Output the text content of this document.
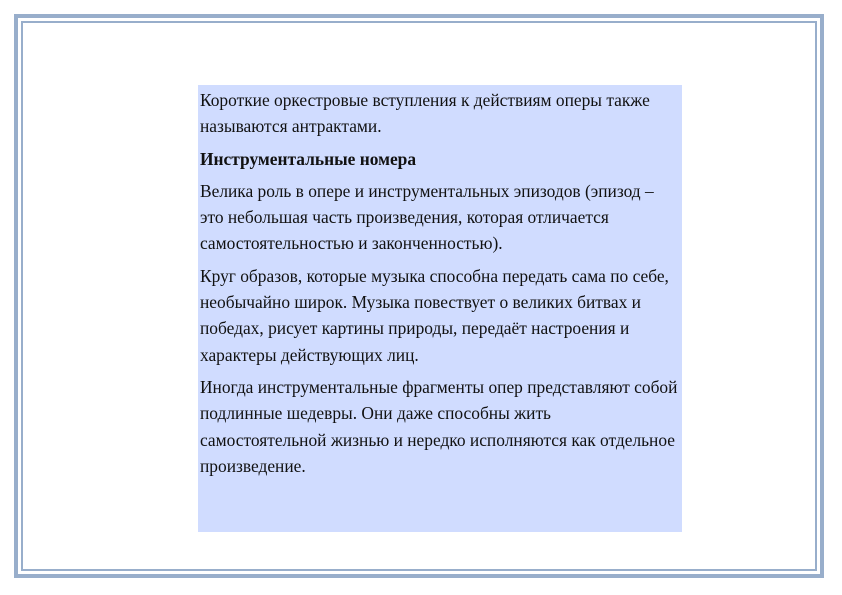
Короткие оркестровые вступления к действиям оперы также называются антрактами.

Инструментальные номера

Велика роль в опере и инструментальных эпизодов (эпизод – это небольшая часть произведения, которая отличается самостоятельностью и законченностью).

Круг образов, которые музыка способна передать сама по себе, необычайно широк. Музыка повествует о великих битвах и победах, рисует картины природы, передаёт настроения и характеры действующих лиц.

Иногда инструментальные фрагменты опер представляют собой подлинные шедевры. Они даже способны жить самостоятельной жизнью и нередко исполняются как отдельное произведение.
